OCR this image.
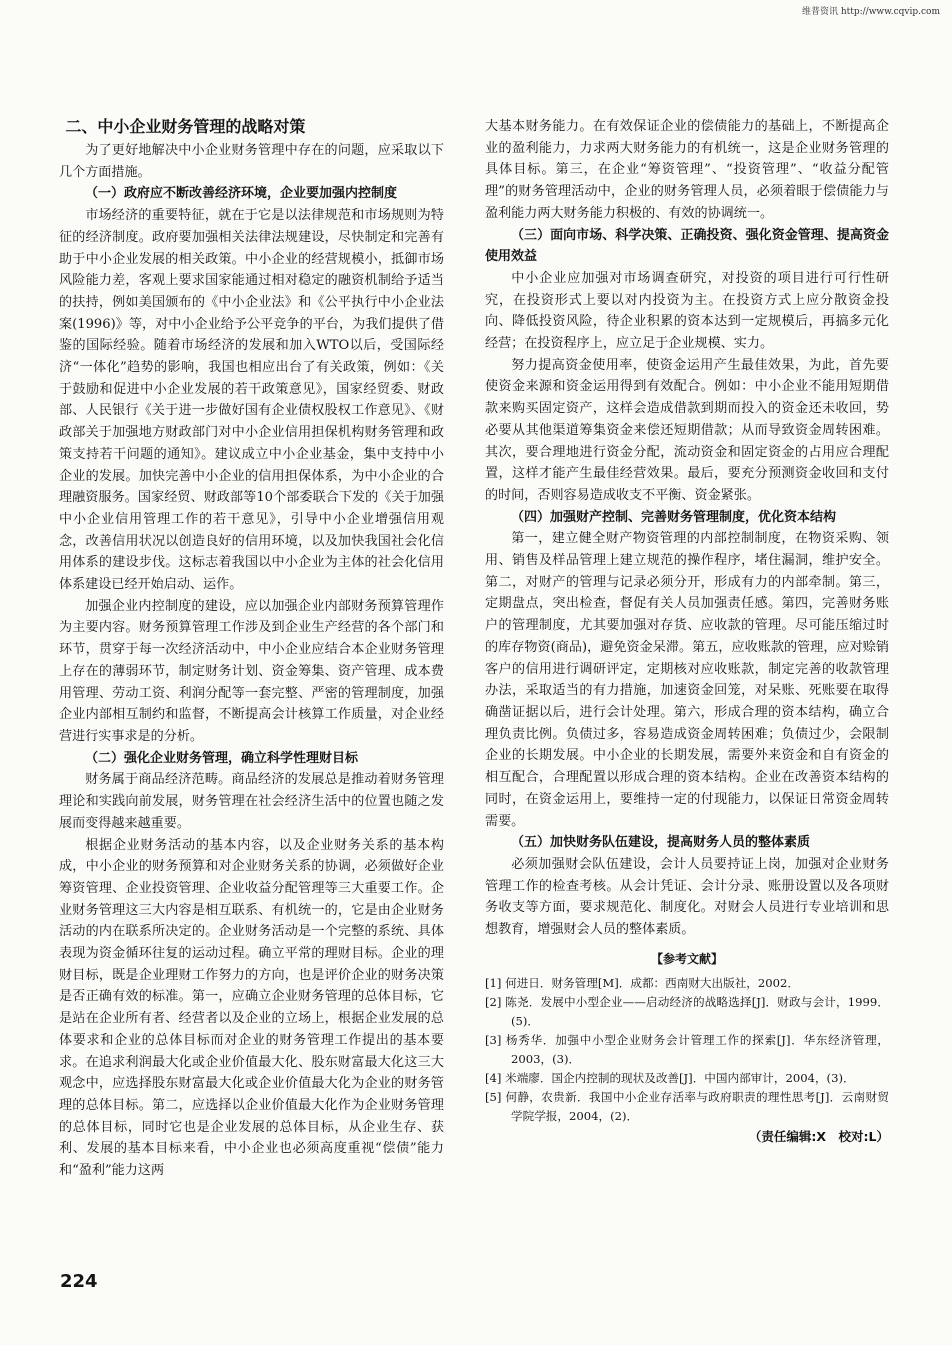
维普资讯 http://www.cqvip.com
二、中小企业财务管理的战略对策

为了更好地解决中小企业财务管理中存在的问题，应采取以下几个方面措施。

（一）政府应不断改善经济环境，企业要加强内控制度

市场经济的重要特征，就在于它是以法律规范和市场规则为特征的经济制度。政府要加强相关法律法规建设，尽快制定和完善有助于中小企业发展的相关政策。中小企业的经营规模小，抵御市场风险能力差，客观上要求国家能通过相对稳定的融资机制给予适当的扶持，例如美国颁布的《中小企业法》和《公平执行中小企业法案(1996)》等，对中小企业给予公平竞争的平台，为我们提供了借鉴的国际经验。随着市场经济的发展和加入WTO以后，受国际经济“一体化”趋势的影响，我国也相应出台了有关政策，例如：《关于鼓励和促进中小企业发展的若干政策意见》，国家经贸委、财政部、人民银行《关于进一步做好国有企业债权股权工作意见》、《财政部关于加强地方财政部门对中小企业信用担保机构财务管理和政策支持若干问题的通知》。建议成立中小企业基金，集中支持中小企业的发展。加快完善中小企业的信用担保体系，为中小企业的合理融资服务。国家经贸、财政部等10个部委联合下发的《关于加强中小企业信用管理工作的若干意见》，引导中小企业增强信用观念，改善信用状况以创造良好的信用环境，以及加快我国社会化信用体系的建设步伐。这标志着我国以中小企业为主体的社会化信用体系建设已经开始启动、运作。

加强企业内控制度的建设，应以加强企业内部财务预算管理作为主要内容。财务预算管理工作涉及到企业生产经营的各个部门和环节，贯穿于每一次经济活动中，中小企业应结合本企业财务管理上存在的薄弱环节，制定财务计划、资金筹集、资产管理、成本费用管理、劳动工资、利润分配等一套完整、严密的管理制度，加强企业内部相互制约和监督，不断提高会计核算工作质量，对企业经营进行实事求是的分析。

（二）强化企业财务管理，确立科学性理财目标

财务属于商品经济范畴。商品经济的发展总是推动着财务管理理论和实践向前发展，财务管理在社会经济生活中的位置也随之发展而变得越来越重要。

根据企业财务活动的基本内容，以及企业财务关系的基本构成，中小企业的财务预算和对企业财务关系的协调，必须做好企业筹资管理、企业投资管理、企业收益分配管理等三大重要工作。企业财务管理这三大内容是相互联系、有机统一的，它是由企业财务活动的内在联系所决定的。企业财务活动是一个完整的系统、具体表现为资金循环往复的运动过程。确立平常的理财目标。企业的理财目标，既是企业理财工作努力的方向，也是评价企业的财务决策是否正确有效的标准。第一，应确立企业财务管理的总体目标，它是站在企业所有者、经营者以及企业的立场上，根据企业发展的总体要求和企业的总体目标而对企业的财务管理工作提出的基本要求。在追求利润最大化或企业价值最大化、股东财富最大化这三大观念中，应选择股东财富最大化或企业价值最大化为企业的财务管理的总体目标。第二，应选择以企业价值最大化作为企业财务管理的总体目标，同时它也是企业发展的总体目标，从企业生存、获利、发展的基本目标来看，中小企业也必须高度重视“偿债”能力和“盈利”能力这两

大基本财务能力。在有效保证企业的偿债能力的基础上，不断提高企业的盈利能力，力求两大财务能力的有机统一，这是企业财务管理的具体目标。第三，在企业“筹资管理”、“投资管理”、“收益分配管理”的财务管理活动中，企业的财务管理人员，必须着眼于偿债能力与盈利能力两大财务能力积极的、有效的协调统一。

（三）面向市场、科学决策、正确投资、强化资金管理、提高资金使用效益

中小企业应加强对市场调查研究，对投资的项目进行可行性研究，在投资形式上要以对内投资为主。在投资方式上应分散资金投向、降低投资风险，待企业积累的资本达到一定规模后，再搞多元化经营；在投资程序上，应立足于企业规模、实力。

努力提高资金使用率，使资金运用产生最佳效果，为此，首先要使资金来源和资金运用得到有效配合。例如：中小企业不能用短期借款来购买固定资产，这样会造成借款到期而投入的资金还未收回，势必要从其他渠道筹集资金来偿还短期借款；从而导致资金周转困难。其次，要合理地进行资金分配，流动资金和固定资金的占用应合理配置，这样才能产生最佳经营效果。最后，要充分预测资金收回和支付的时间，否则容易造成收支不平衡、资金紧张。

（四）加强财产控制、完善财务管理制度，优化资本结构

第一，建立健全财产物资管理的内部控制制度，在物资采购、领用、销售及样品管理上建立规范的操作程序，堵住漏洞，维护安全。第二，对财产的管理与记录必须分开，形成有力的内部牵制。第三，定期盘点，突出检查，督促有关人员加强责任感。第四，完善财务账户的管理制度，尤其要加强对存货、应收款的管理。尽可能压缩过时的库存物资(商品)，避免资金呆滞。第五，应收账款的管理，应对赊销客户的信用进行调研评定，定期核对应收账款，制定完善的收款管理办法，采取适当的有力措施，加速资金回笼，对呆账、死账要在取得确凿证据以后，进行会计处理。第六，形成合理的资本结构，确立合理负责比例。负债过多，容易造成资金周转困难；负债过少，会限制企业的长期发展。中小企业的长期发展，需要外来资金和自有资金的相互配合，合理配置以形成合理的资本结构。企业在改善资本结构的同时，在资金运用上，要维持一定的付现能力，以保证日常资金周转需要。

（五）加快财务队伍建设，提高财务人员的整体素质

必须加强财会队伍建设，会计人员要持证上岗，加强对企业财务管理工作的检查考核。从会计凭证、会计分录、账册设置以及各项财务收支等方面，要求规范化、制度化。对财会人员进行专业培训和思想教育，增强财会人员的整体素质。

【参考文献】
[1] 何进日．财务管理[M]．成都：西南财大出版社，2002．
[2] 陈尧．发展中小型企业——启动经济的战略选择[J]．财政与会计，1999．(5)．
[3] 杨秀华．加强中小型企业财务会计管理工作的探索[J]．华东经济管理，2003，(3)．
[4] 米端廖．国企内控制的现状及改善[J]．中国内部审计，2004，(3)．
[5] 何静，农贵新．我国中小企业存活率与政府职责的理性思考[J]．云南财贸学院学报，2004，(2)．
（责任编辑:X　校对:L）
224
